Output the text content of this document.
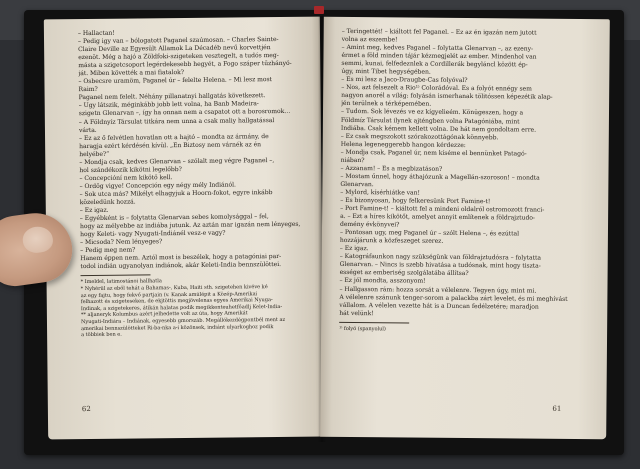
– Hallactan!
– Pedig igy van – bólogatott Paganel szaúmosan. – Charles Sainte-
Claire Deville az Egyesült Államok La Décadéb nevű korvettjén
ezenöt. Még a hajó a Zöldfoki-szigeteken vesztegelt, a tudós meg-
másta a szigetcsoport legérdekesebb hegyét, a Fogo száper tűzhányó-
ját. Miben követték a mai fiatalok?
– Ősbecsre uramöm, Paganel úr – felelte Helena. – Mi lesz most
Raim?
Paganel nem felelt. Néhány pillanatnyi hallgatás következett.
– Úgy látszik, méginkább jobb lett volna, ha Banb Madeira-
szigetn Glenarvan –, így ha onnan nem a csapatot ott a borosromok…
– A Földnyíz Társulat titkára nem unna a csak maliy hallgatással
várta.
– Ez az ő felvétlen hovatlan ott a hajtó – mondta az ármány, de
haragja ezért kérdésén kívül. „Én Biztosy nem várnék az én
helyébe?”
– Mondja csak, kedves Glenarvan – szólalt meg végre Paganel –,
hol szándékozik kikötni legelőbb?
– Concepcióní nem kikötő kell.
– Ördög vigye! Concepción egy négy mély Indiánól.
– Sok utca más? Mikélyt elhagyjuk a Hoorn-fokot, egyre inkább
közeledünk hozzá.
– Ez igaz.
– Egyébként is – folytatta Glenarvan sebes komolysággal – fel,
hogy az mélyebbe az indiába jutunk. Az aztán mar igazán nem lényeges,
hogy Keleti- vagy Nyugati-Indiánél vesz-e vagy?
– Micsoda? Nem lényeges?
– Pedig meg nem?
Hanem éppen nem. Aztól most is beszélek, hogy a patagóniai par-
todol indián ugyanolyan indiánok, akár Keleti-India bennszülöttei.
* Imeldel, latimostánoi hallhatla
* Nyhérül az eből tehát a Bahamas-, Kuba, Haiti sth. szigetehen kivéve ké
az egy fajtu, hogy fekvő partjain (v. Kanak amúlépit a Közép-Amerikai
felhazott és szigeteseken, de ekjtöttis megjövelenas egyes Amerikai Nyuga-
Indinak, a szigetekeres, átíkán halatas podik megikkenteuhetfőadlj Kelet-India-
** aljaneryk Kolumbus azért jelhedette volt az úta, hogy Amerikát
Nyugati-Indiára – Indiának, egyesebb gmorszáb. Megállókezdégpontbél ment az
amerikai bennszülötteket Ri-ba-nka a-i közönsek, indiánt ulyarkoghoz podik
a többiek ben e.
62
– Teringettét! – kiáltott fel Paganel. – Ez az én igazán nem jutott
volna az eszembe!
– Amint meg, kedves Paganel – folytatta Glenarvan –, az ezeny-
érmet a föld minden tájár kézmegjelét az ember. Mindenhol van
semmi, kunai, felfedeznlek a Cordillerák begyláncl között ép-
úgy, mint Tibet hegységében.
– És mi lesz a Jaco-Draugbe-Cas folyóval?
– Nos, azt felsezelt a Rio¹⁾ Colorádóval. És a folyót ennégy sem
nagyon anorél a világ: folyásán ismerhanak tölitóssen képezétik alap-
jén terülnek a térképemében.
– Tudom. Sok lévezés ve ez kígyelieém. Könügeszen, hogy a
Földmíz Társulat ilynek ajténgben volna Patagóniába, mint
Indiába. Csak kémem kellett volna. De hát nem gondoltam erre.
– Ez csak megszokott szórakozottágónak könnyebb.
Helena legeneggerebb hangon kérdezze:
– Mondja csak, Paganel úr, nem kíséme el bennünket Patagó-
niában?
– Azzanam! – És a megbizatáson?
– Mostam űnnel, hogy áthajózunk a Magellán-szoroson! – mondta
Glenarvan.
– Mylord, kísérhiátke van!
– És bizonyosan, hogy felkeresünk Port Famine-t!
– Port Famine-t! – kiáltott fel a mindeni oldalról ostromozott franci-
a. – Ezt a híres kikötőt, amelyet annyit említenek a földrajztudo-
demény évkönyvei?
– Pontosan ugy, meg Paganel úr – szólt Helena –, és ezúttal
hozzájárunk a közfeszeget szerez.
– Ez igaz.
– Katográfaunkon nagy szükségünk van földrajztudósra – folytatta
Glenarvan. – Nincs is szebb hivatása a tudósnak, mint hogy tiszta-
ességet az emberiség szolgálatába állítsa?
– Ez jól mondta, asszonyom!
– Hallgasson rám: hozza sorsát a vélelenre. Tegyen úgy, mint mi.
A vélelenre szánunk tenger-sorom a palackba zárt levelet, és mi meghívást
vállalom. A vélelen vezette hát is a Duncan fedélzetére; maradjon
hát velünk!
¹⁾ folyó (spanyolul)
61
